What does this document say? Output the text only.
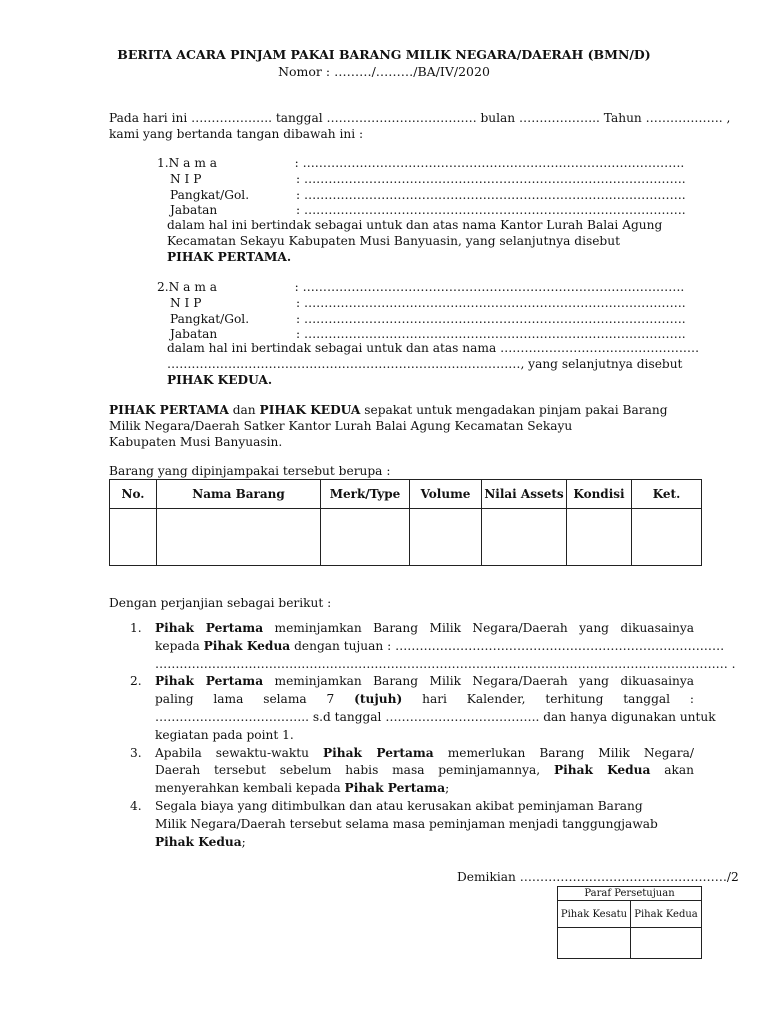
BERITA ACARA PINJAM PAKAI BARANG MILIK NEGARA/DAERAH (BMN/D)
Nomor : ………/………/BA/IV/2020
Pada hari ini ……………….. tanggal ………………………………. bulan ……………….. Tahun ………………. ,
kami yang bertanda tangan dibawah ini :
1.N a m a	: ………………………………………………………………………………….
N I P	: ………………………………………………………………………………….
Pangkat/Gol.	: ………………………………………………………………………………….
Jabatan	: ………………………………………………………………………………….
dalam hal ini bertindak sebagai untuk dan atas nama Kantor Lurah Balai Agung
Kecamatan Sekayu Kabupaten Musi Banyuasin, yang selanjutnya disebut
PIHAK PERTAMA.
2.N a m a	: ………………………………………………………………………………….
N I P	: ………………………………………………………………………………….
Pangkat/Gol.	: ………………………………………………………………………………….
Jabatan	: ………………………………………………………………………………….
dalam hal ini bertindak sebagai untuk dan atas nama ………………………………………….
……………………………………………………………………………, yang selanjutnya disebut
PIHAK KEDUA.
PIHAK PERTAMA dan PIHAK KEDUA sepakat untuk mengadakan pinjam pakai Barang
Milik Negara/Daerah Satker Kantor Lurah Balai Agung Kecamatan Sekayu
Kabupaten Musi Banyuasin.
Barang yang dipinjampakai tersebut berupa :
No.	Nama Barang	Merk/Type	Volume	Nilai Assets	Kondisi	Ket.

Dengan perjanjian sebagai berikut :
1. Pihak Pertama meminjamkan Barang Milik Negara/Daerah yang dikuasainya
kepada Pihak Kedua dengan tujuan : ………………………………………………………………………
…………………………………………………………………………………………………………………………… .
2. Pihak Pertama meminjamkan Barang Milik Negara/Daerah yang dikuasainya
paling lama selama 7 (tujuh) hari Kalender, terhitung tanggal :
……………………………….. s.d tanggal ……………………………….. dan hanya digunakan untuk
kegiatan pada point 1.
3. Apabila sewaktu-waktu Pihak Pertama memerlukan Barang Milik Negara/
Daerah tersebut sebelum habis masa peminjamannya, Pihak Kedua akan
menyerahkan kembali kepada Pihak Pertama;
4. Segala biaya yang ditimbulkan dan atau kerusakan akibat peminjaman Barang
Milik Negara/Daerah tersebut selama masa peminjaman menjadi tanggungjawab
Pihak Kedua;
Demikian ……………………………………………/2
Paraf Persetujuan	
Pihak Kesatu	Pihak Kedua
